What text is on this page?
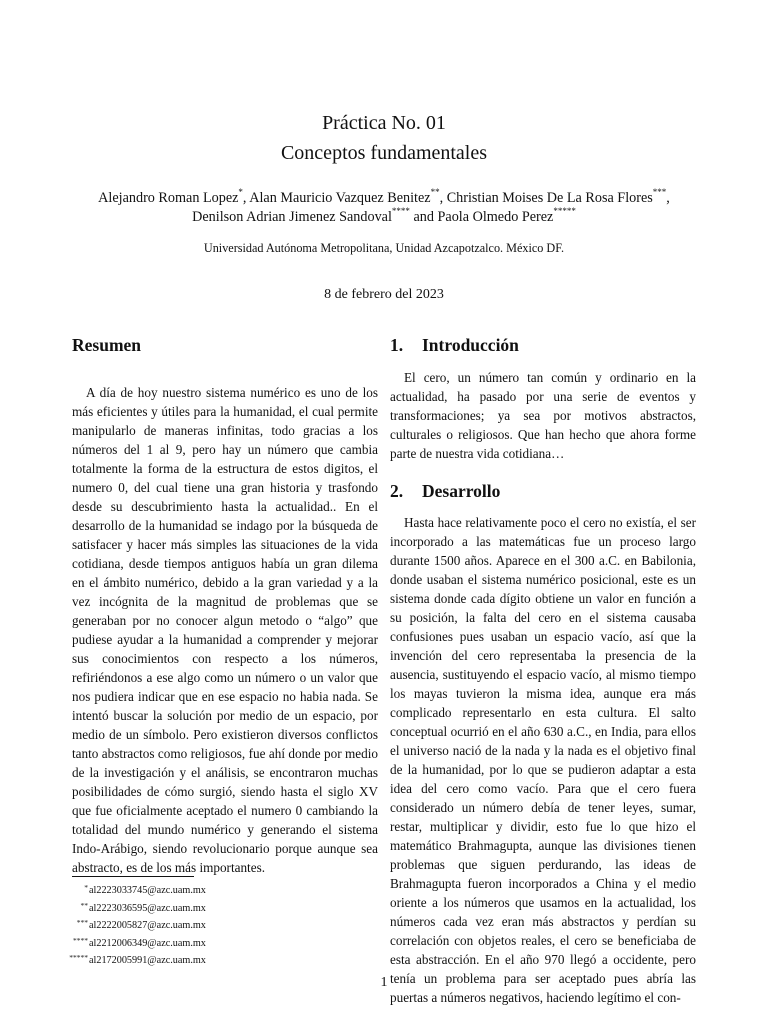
Práctica No. 01
Conceptos fundamentales
Alejandro Roman Lopez*, Alan Mauricio Vazquez Benitez**, Christian Moises De La Rosa Flores***,
Denilson Adrian Jimenez Sandoval**** and Paola Olmedo Perez*****
Universidad Autónoma Metropolitana, Unidad Azcapotzalco. México DF.
8 de febrero del 2023
Resumen

A día de hoy nuestro sistema numérico es uno de los más eficientes y útiles para la humanidad, el cual permite manipularlo de maneras infinitas, todo gracias a los números del 1 al 9, pero hay un número que cambia totalmente la forma de la estructura de estos digitos, el numero 0, del cual tiene una gran historia y trasfondo desde su descubrimiento hasta la actualidad.. En el desarrollo de la humanidad se indago por la búsqueda de satisfacer y hacer más simples las situaciones de la vida cotidiana, desde tiempos antiguos había un gran dilema en el ámbito numérico, debido a la gran variedad y a la vez incógnita de la magnitud de problemas que se generaban por no conocer algun metodo o “algo” que pudiese ayudar a la humanidad a comprender y mejorar sus conocimientos con respecto a los números, refiriéndonos a ese algo como un número o un valor que nos pudiera indicar que en ese espacio no habia nada. Se intentó buscar la solución por medio de un espacio, por medio de un símbolo. Pero existieron diversos conflictos tanto abstractos como religiosos, fue ahí donde por medio de la investigación y el análisis, se encontraron muchas posibilidades de cómo surgió, siendo hasta el siglo XV que fue oficialmente aceptado el numero 0 cambiando la totalidad del mundo numérico y generando el sistema Indo-Arábigo, siendo revolucionario porque aunque sea abstracto, es de los más importantes.

1. Introducción

El cero, un número tan común y ordinario en la actualidad, ha pasado por una serie de eventos y transformaciones; ya sea por motivos abstractos, culturales o religiosos. Que han hecho que ahora forme parte de nuestra vida cotidiana…

2. Desarrollo

Hasta hace relativamente poco el cero no existía, el ser incorporado a las matemáticas fue un proceso largo durante 1500 años. Aparece en el 300 a.C. en Babilonia, donde usaban el sistema numérico posicional, este es un sistema donde cada dígito obtiene un valor en función a su posición, la falta del cero en el sistema causaba confusiones pues usaban un espacio vacío, así que la invención del cero representaba la presencia de la ausencia, sustituyendo el espacio vacío, al mismo tiempo los mayas tuvieron la misma idea, aunque era más complicado representarlo en esta cultura. El salto conceptual ocurrió en el año 630 a.C., en India, para ellos el universo nació de la nada y la nada es el objetivo final de la humanidad, por lo que se pudieron adaptar a esta idea del cero como vacío. Para que el cero fuera considerado un número debía de tener leyes, sumar, restar, multiplicar y dividir, esto fue lo que hizo el matemático Brahmagupta, aunque las divisiones tienen problemas que siguen perdurando, las ideas de Brahmagupta fueron incorporados a China y el medio oriente a los números que usamos en la actualidad, los números cada vez eran más abstractos y perdían su correlación con objetos reales, el cero se beneficiaba de esta abstracción. En el año 970 llegó a occidente, pero tenía un problema para ser aceptado pues abría las puertas a números negativos, haciendo legítimo el con-

*al2223033745@azc.uam.mx
**al2223036595@azc.uam.mx
***al2222005827@azc.uam.mx
****al2212006349@azc.uam.mx
*****al2172005991@azc.uam.mx
1
